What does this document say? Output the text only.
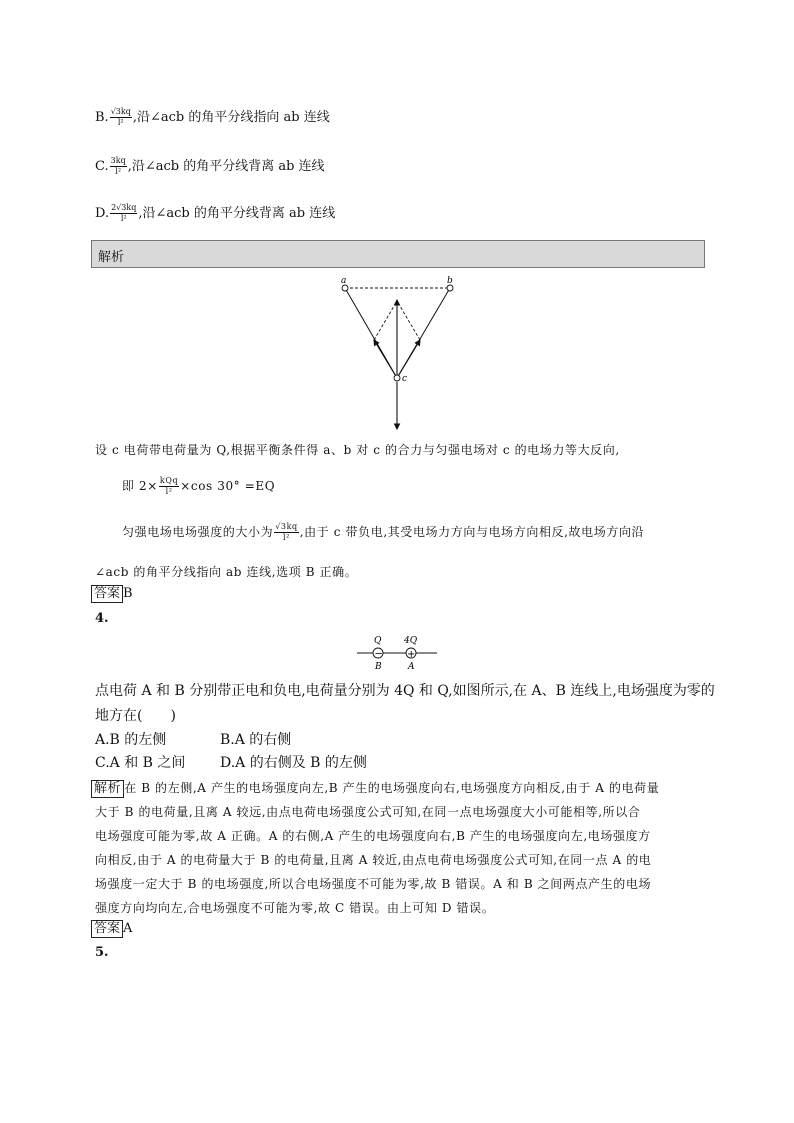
B. $\frac{√3kq}{\text{l²}}$ ,沿∠acb 的角平分线指向 ab 连线
C. $\frac{3kq}{\text{l²}}$ ,沿∠acb 的角平分线背离 ab 连线
D. $\frac{2√3kq}{\text{l²}}$ ,沿∠acb 的角平分线背离 ab 连线
解析
a	b
c
设 c 电荷带电荷量为 Q,根据平衡条件得 a、b 对 c 的合力与匀强电场对 c 的电场力等大反向,
即 $2\times \frac{\text{kQq}}{\text{l²}} \times\cos$ 30° =EQ
匀强电场电场强度的大小为 $\frac{√3kq}{\text{l²}}$ ,由于 c 带负电,其受电场力方向与电场方向相反,故电场方向沿
∠acb 的角平分线指向 ab 连线,选项 B 正确。
答案 B
4.
− +
Q	4Q
B	A
点电荷 A 和 B 分别带正电和负电,电荷量分别为 4Q 和 Q,如图所示,在 A、B 连线上,电场强度为零的
地方在(　　)
A.B 的左侧	B.A 的右侧
C.A 和 B 之间 D.A 的右侧及 B 的左侧
解析 在 B 的左侧,A 产生的电场强度向左,B 产生的电场强度向右,电场强度方向相反,由于 A 的电荷量
大于 B 的电荷量,且离 A 较远,由点电荷电场强度公式可知,在同一点电场强度大小可能相等,所以合
电场强度可能为零,故 A 正确。A 的右侧,A 产生的电场强度向右,B 产生的电场强度向左,电场强度方
向相反,由于 A 的电荷量大于 B 的电荷量,且离 A 较近,由点电荷电场强度公式可知,在同一点 A 的电
场强度一定大于 B 的电场强度,所以合电场强度不可能为零,故 B 错误。A 和 B 之间两点产生的电场
强度方向均向左,合电场强度不可能为零,故 C 错误。由上可知 D 错误。
答案 A
5.
